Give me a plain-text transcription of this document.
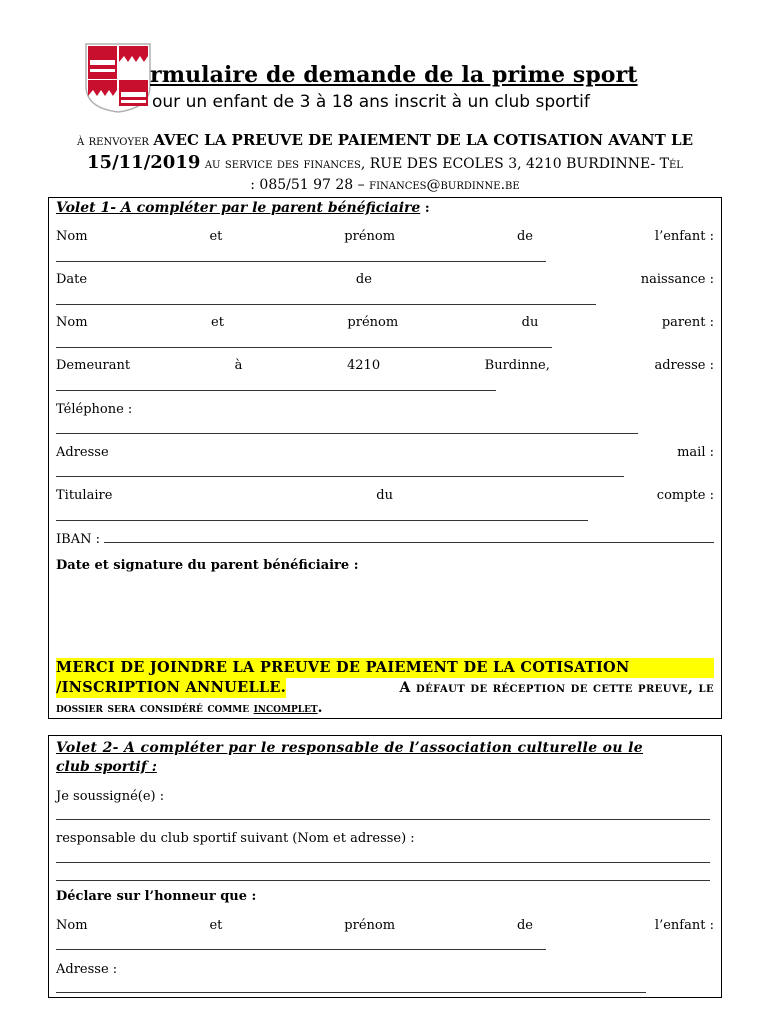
rmulaire de demande de la prime sport
our un enfant de 3 à 18 ans inscrit à un club sportif
à renvoyer AVEC LA PREUVE DE PAIEMENT DE LA COTISATION AVANT LE
15/11/2019 au service des finances, RUE DES ECOLES 3, 4210 BURDINNE- Tél
: 085/51 97 28 – finances@burdinne.be
Volet 1- A compléter par le parent bénéficiaire :
Nom	et	prénom	de	l’enfant :
Date	de	naissance :
Nom	et	prénom	du	parent :
Demeurant	à	4210	Burdinne,	adresse :
Téléphone :
Adresse	mail :
Titulaire	du	compte :
IBAN :
Date et signature du parent bénéficiaire :
MERCI DE JOINDRE LA PREUVE DE PAIEMENT DE LA COTISATION
/INSCRIPTION ANNUELLE.	A défaut de réception de cette preuve, le
dossier sera considéré comme incomplet.
Volet 2- A compléter par le responsable de l’association culturelle ou le
club sportif :
Je soussigné(e) :
responsable du club sportif suivant (Nom et adresse) :
Déclare sur l’honneur que :
Nom	et	prénom	de	l’enfant :
Adresse :
